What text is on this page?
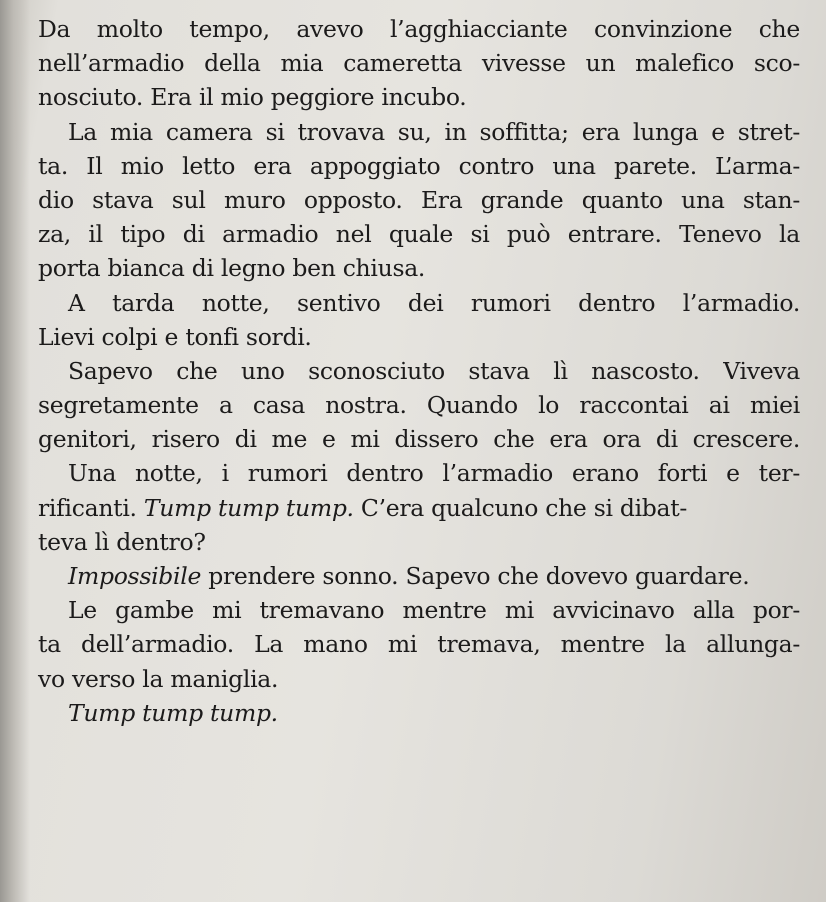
Da molto tempo, avevo l’agghiacciante convinzione che
nell’armadio della mia cameretta vivesse un malefico sco-
nosciuto. Era il mio peggiore incubo.
La mia camera si trovava su, in soffitta; era lunga e stret-
ta. Il mio letto era appoggiato contro una parete. L’arma-
dio stava sul muro opposto. Era grande quanto una stan-
za, il tipo di armadio nel quale si può entrare. Tenevo la
porta bianca di legno ben chiusa.
A tarda notte, sentivo dei rumori dentro l’armadio.
Lievi colpi e tonfi sordi.
Sapevo che uno sconosciuto stava lì nascosto. Viveva
segretamente a casa nostra. Quando lo raccontai ai miei
genitori, risero di me e mi dissero che era ora di crescere.
Una notte, i rumori dentro l’armadio erano forti e ter-
rificanti. Tump tump tump. C’era qualcuno che si dibat-
teva lì dentro?
Impossibile prendere sonno. Sapevo che dovevo guardare.
Le gambe mi tremavano mentre mi avvicinavo alla por-
ta dell’armadio. La mano mi tremava, mentre la allunga-
vo verso la maniglia.
Tump tump tump.
